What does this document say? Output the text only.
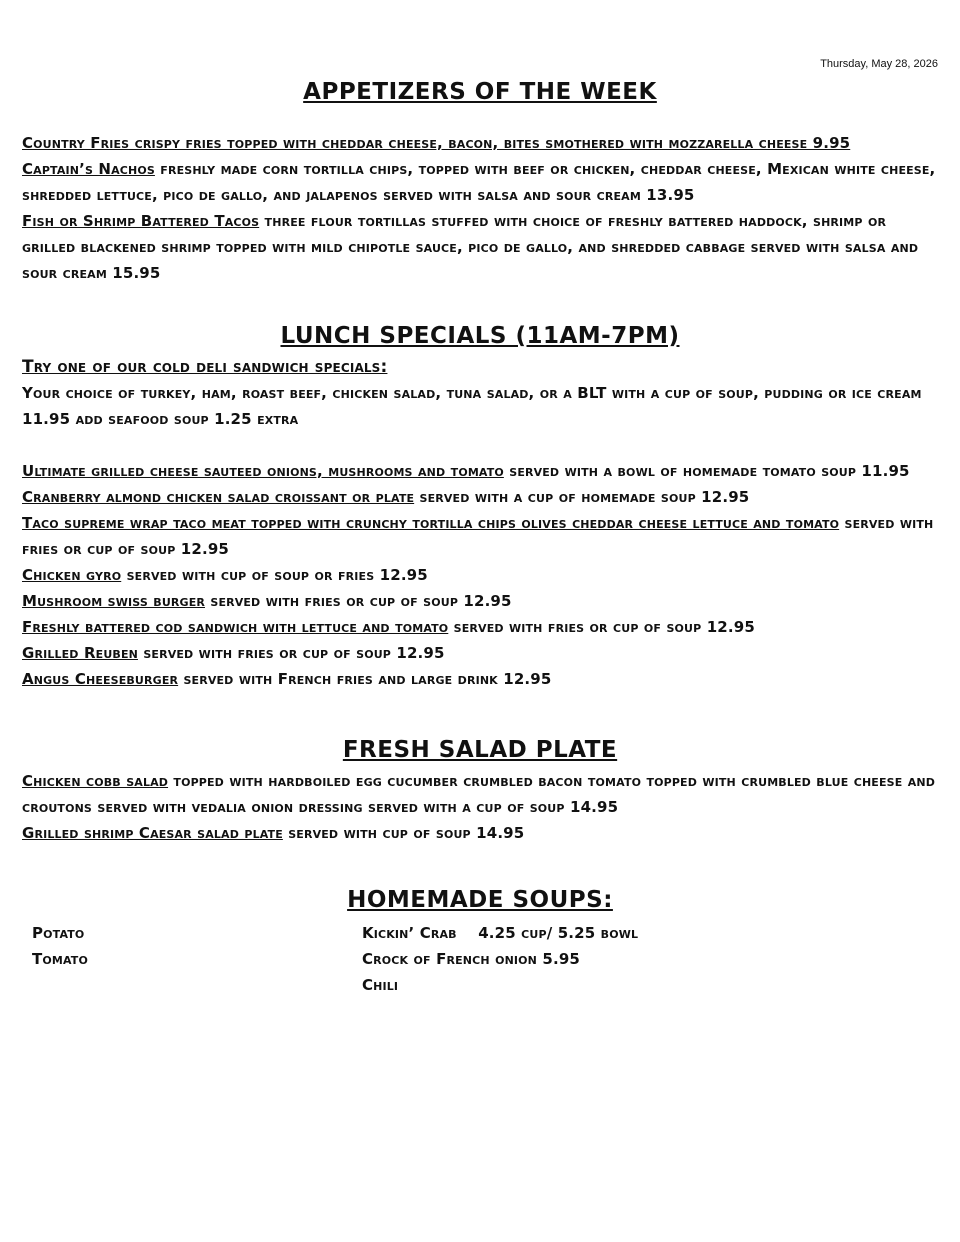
Thursday, May 28, 2026
APPETIZERS OF THE WEEK

Country Fries crispy fries topped with cheddar cheese, bacon, bites smothered with mozzarella cheese 9.95

Captain’s Nachos freshly made corn tortilla chips, topped with beef or chicken, cheddar cheese, Mexican white cheese, shredded lettuce, pico de gallo, and jalapenos served with salsa and sour cream 13.95

Fish or Shrimp Battered Tacos three flour tortillas stuffed with choice of freshly battered haddock, shrimp or grilled blackened shrimp topped with mild chipotle sauce, pico de gallo, and shredded cabbage served with salsa and sour cream 15.95

LUNCH SPECIALS (11AM-7PM)

Try one of our cold deli sandwich specials:

Your choice of turkey, ham, roast beef, chicken salad, tuna salad, or a BLT with a cup of soup, pudding or ice cream 11.95 add seafood soup 1.25 extra

Ultimate grilled cheese sauteed onions, mushrooms and tomato served with a bowl of homemade tomato soup 11.95

Cranberry almond chicken salad croissant or plate served with a cup of homemade soup 12.95

Taco supreme wrap taco meat topped with crunchy tortilla chips olives cheddar cheese lettuce and tomato served with fries or cup of soup 12.95

Chicken gyro served with cup of soup or fries 12.95

Mushroom swiss burger served with fries or cup of soup 12.95

Freshly battered cod sandwich with lettuce and tomato served with fries or cup of soup 12.95

Grilled Reuben served with fries or cup of soup 12.95

Angus Cheeseburger served with French fries and large drink 12.95

FRESH SALAD PLATE

Chicken cobb salad topped with hardboiled egg cucumber crumbled bacon tomato topped with crumbled blue cheese and croutons served with vedalia onion dressing served with a cup of soup 14.95

Grilled shrimp Caesar salad plate served with cup of soup 14.95

HOMEMADE SOUPS:
Potato
Tomato
Kickin’ Crab    4.25 cup/ 5.25 bowl
Crock of French onion 5.95
Chili
